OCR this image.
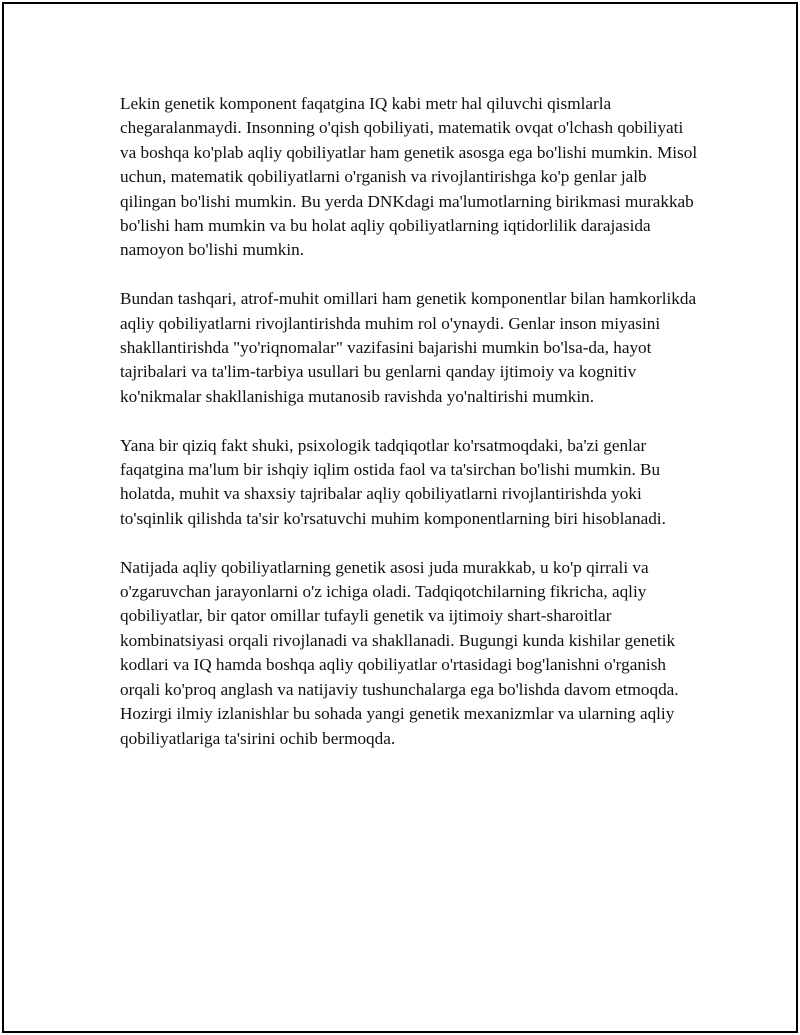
Lekin genetik komponent faqatgina IQ kabi metr hal qiluvchi qismlarla chegaralanmaydi. Insonning o'qish qobiliyati, matematik ovqat o'lchash qobiliyati va boshqa ko'plab aqliy qobiliyatlar ham genetik asosga ega bo'lishi mumkin. Misol uchun, matematik qobiliyatlarni o'rganish va rivojlantirishga ko'p genlar jalb qilingan bo'lishi mumkin. Bu yerda DNKdagi ma'lumotlarning birikmasi murakkab bo'lishi ham mumkin va bu holat aqliy qobiliyatlarning iqtidorlilik darajasida namoyon bo'lishi mumkin.

Bundan tashqari, atrof-muhit omillari ham genetik komponentlar bilan hamkorlikda aqliy qobiliyatlarni rivojlantirishda muhim rol o'ynaydi. Genlar inson miyasini shakllantirishda "yo'riqnomalar" vazifasini bajarishi mumkin bo'lsa-da, hayot tajribalari va ta'lim-tarbiya usullari bu genlarni qanday ijtimoiy va kognitiv ko'nikmalar shakllanishiga mutanosib ravishda yo'naltirishi mumkin.

Yana bir qiziq fakt shuki, psixologik tadqiqotlar ko'rsatmoqdaki, ba'zi genlar faqatgina ma'lum bir ishqiy iqlim ostida faol va ta'sirchan bo'lishi mumkin. Bu holatda, muhit va shaxsiy tajribalar aqliy qobiliyatlarni rivojlantirishda yoki to'sqinlik qilishda ta'sir ko'rsatuvchi muhim komponentlarning biri hisoblanadi.

Natijada aqliy qobiliyatlarning genetik asosi juda murakkab, u ko'p qirrali va o'zgaruvchan jarayonlarni o'z ichiga oladi. Tadqiqotchilarning fikricha, aqliy qobiliyatlar, bir qator omillar tufayli genetik va ijtimoiy shart-sharoitlar kombinatsiyasi orqali rivojlanadi va shakllanadi. Bugungi kunda kishilar genetik kodlari va IQ hamda boshqa aqliy qobiliyatlar o'rtasidagi bog'lanishni o'rganish orqali ko'proq anglash va natijaviy tushunchalarga ega bo'lishda davom etmoqda. Hozirgi ilmiy izlanishlar bu sohada yangi genetik mexanizmlar va ularning aqliy qobiliyatlariga ta'sirini ochib bermoqda.
